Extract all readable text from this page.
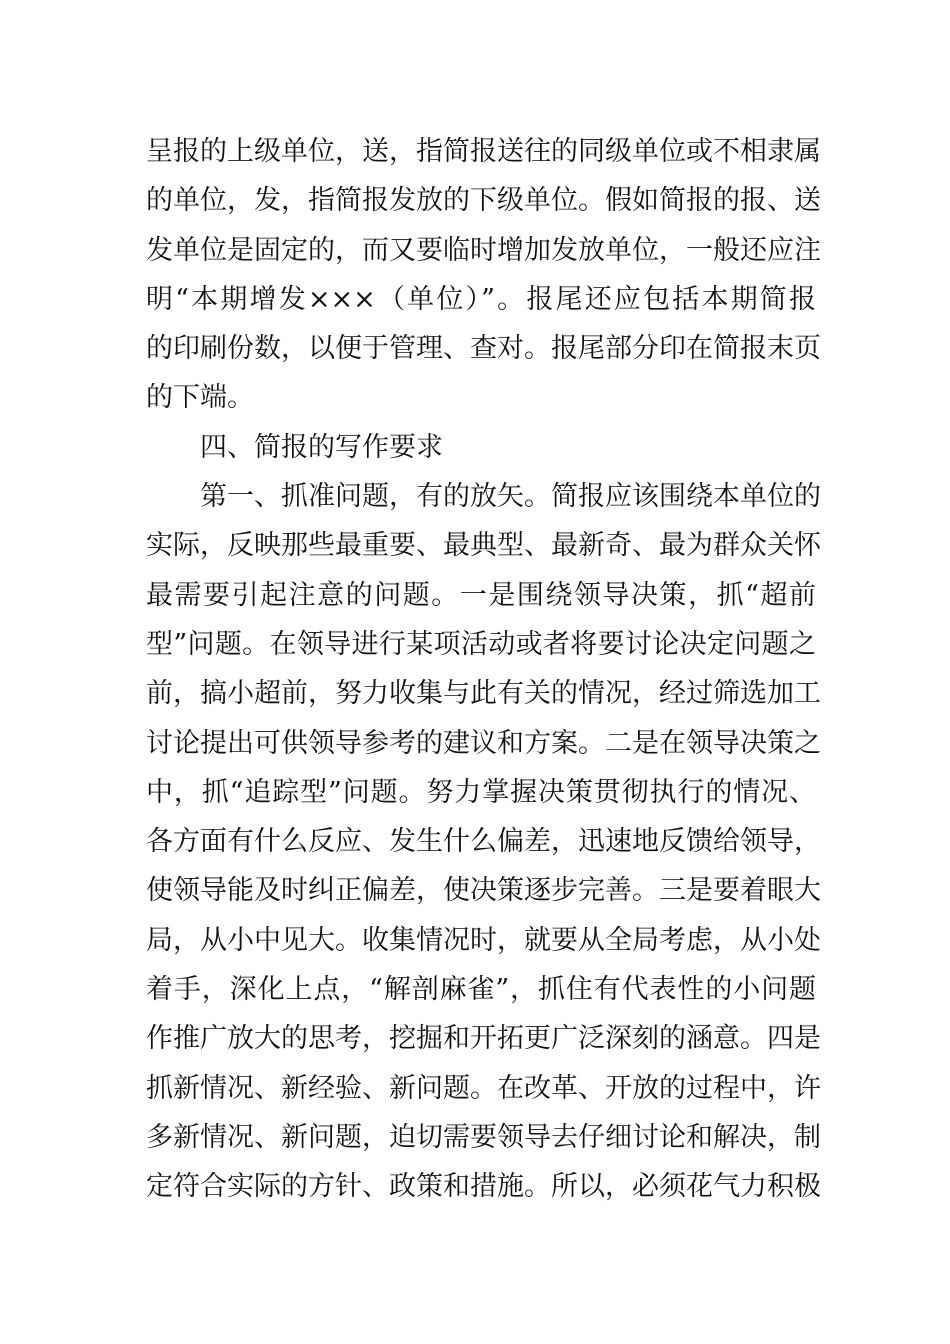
呈报的上级单位，送，指简报送往的同级单位或不相隶属
的单位，发，指简报发放的下级单位。假如简报的报、送
发单位是固定的，而又要临时增加发放单位，一般还应注
明“本期增发×××（单位）”。报尾还应包括本期简报
的印刷份数，以便于管理、查对。报尾部分印在简报末页
的下端。
四、简报的写作要求
第一、抓准问题，有的放矢。简报应该围绕本单位的
实际，反映那些最重要、最典型、最新奇、最为群众关怀
最需要引起注意的问题。一是围绕领导决策，抓“超前
型”问题。在领导进行某项活动或者将要讨论决定问题之
前，搞小超前，努力收集与此有关的情况，经过筛选加工
讨论提出可供领导参考的建议和方案。二是在领导决策之
中，抓“追踪型”问题。努力掌握决策贯彻执行的情况、
各方面有什么反应、发生什么偏差，迅速地反馈给领导，
使领导能及时纠正偏差，使决策逐步完善。三是要着眼大
局，从小中见大。收集情况时，就要从全局考虑，从小处
着手，深化上点，“解剖麻雀”，抓住有代表性的小问题
作推广放大的思考，挖掘和开拓更广泛深刻的涵意。四是
抓新情况、新经验、新问题。在改革、开放的过程中，许
多新情况、新问题，迫切需要领导去仔细讨论和解决，制
定符合实际的方针、政策和措施。所以，必须花气力积极
